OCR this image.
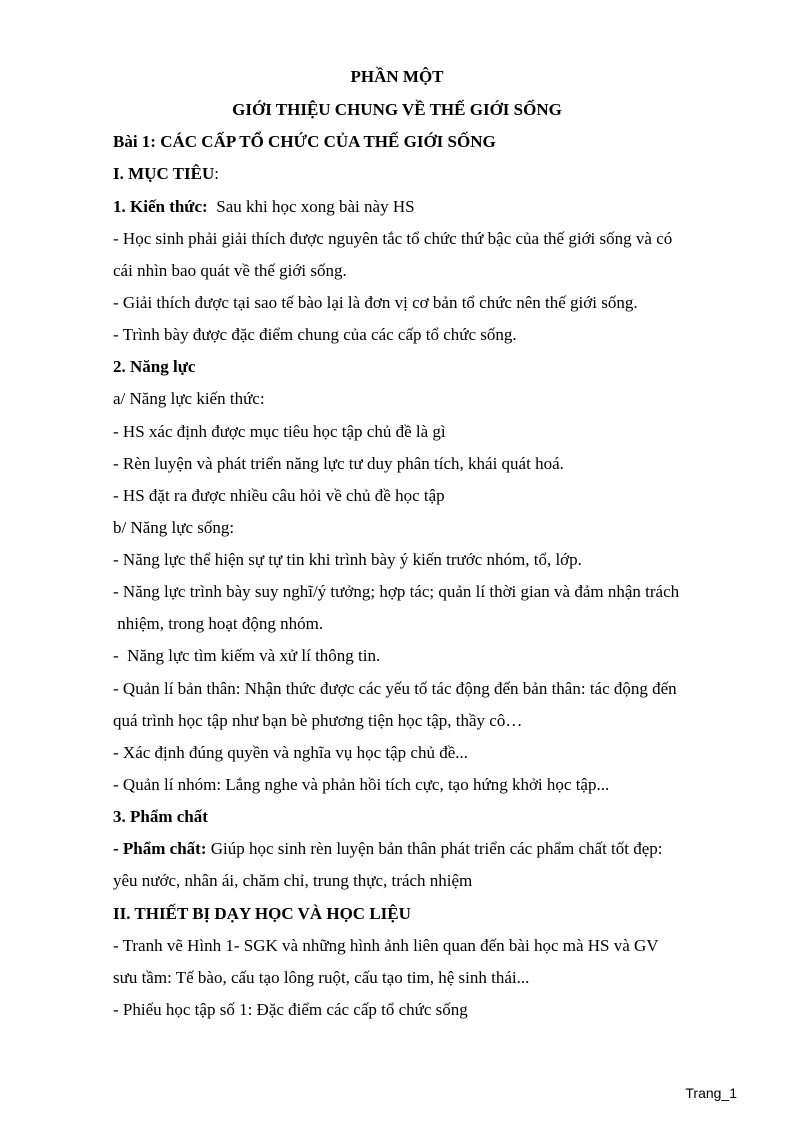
PHẦN MỘT
GIỚI THIỆU CHUNG VỀ THẾ GIỚI SỐNG
Bài 1: CÁC CẤP TỔ CHỨC CỦA THẾ GIỚI SỐNG
I. MỤC TIÊU:
1. Kiến thức:  Sau khi học xong bài này HS
- Học sinh phải giải thích được nguyên tắc tổ chức thứ bậc của thế giới sống và có
cái nhìn bao quát về thế giới sống.
- Giải thích được tại sao tế bào lại là đơn vị cơ bản tổ chức nên thế giới sống.
- Trình bày được đặc điểm chung của các cấp tổ chức sống.
2. Năng lực
a/ Năng lực kiến thức:
- HS xác định được mục tiêu học tập chủ đề là gì
- Rèn luyện và phát triển năng lực tư duy phân tích, khái quát hoá.
- HS đặt ra được nhiều câu hỏi về chủ đề học tập
b/ Năng lực sống:
- Năng lực thể hiện sự tự tin khi trình bày ý kiến trước nhóm, tổ, lớp.
- Năng lực trình bày suy nghĩ/ý tưởng; hợp tác; quản lí thời gian và đảm nhận trách
nhiệm, trong hoạt động nhóm.
-  Năng lực tìm kiếm và xử lí thông tin.
- Quản lí bản thân: Nhận thức được các yếu tố tác động đến bản thân: tác động đến
quá trình học tập như bạn bè phương tiện học tập, thầy cô…
- Xác định đúng quyền và nghĩa vụ học tập chủ đề...
- Quản lí nhóm: Lắng nghe và phản hồi tích cực, tạo hứng khởi học tập...
3. Phẩm chất
- Phẩm chất: Giúp học sinh rèn luyện bản thân phát triển các phẩm chất tốt đẹp:
yêu nước, nhân ái, chăm chỉ, trung thực, trách nhiệm
II. THIẾT BỊ DẠY HỌC VÀ HỌC LIỆU
- Tranh vẽ Hình 1- SGK và những hình ảnh liên quan đến bài học mà HS và GV
sưu tầm: Tế bào, cấu tạo lông ruột, cấu tạo tim, hệ sinh thái...
- Phiếu học tập số 1: Đặc điểm các cấp tổ chức sống
Trang_1
